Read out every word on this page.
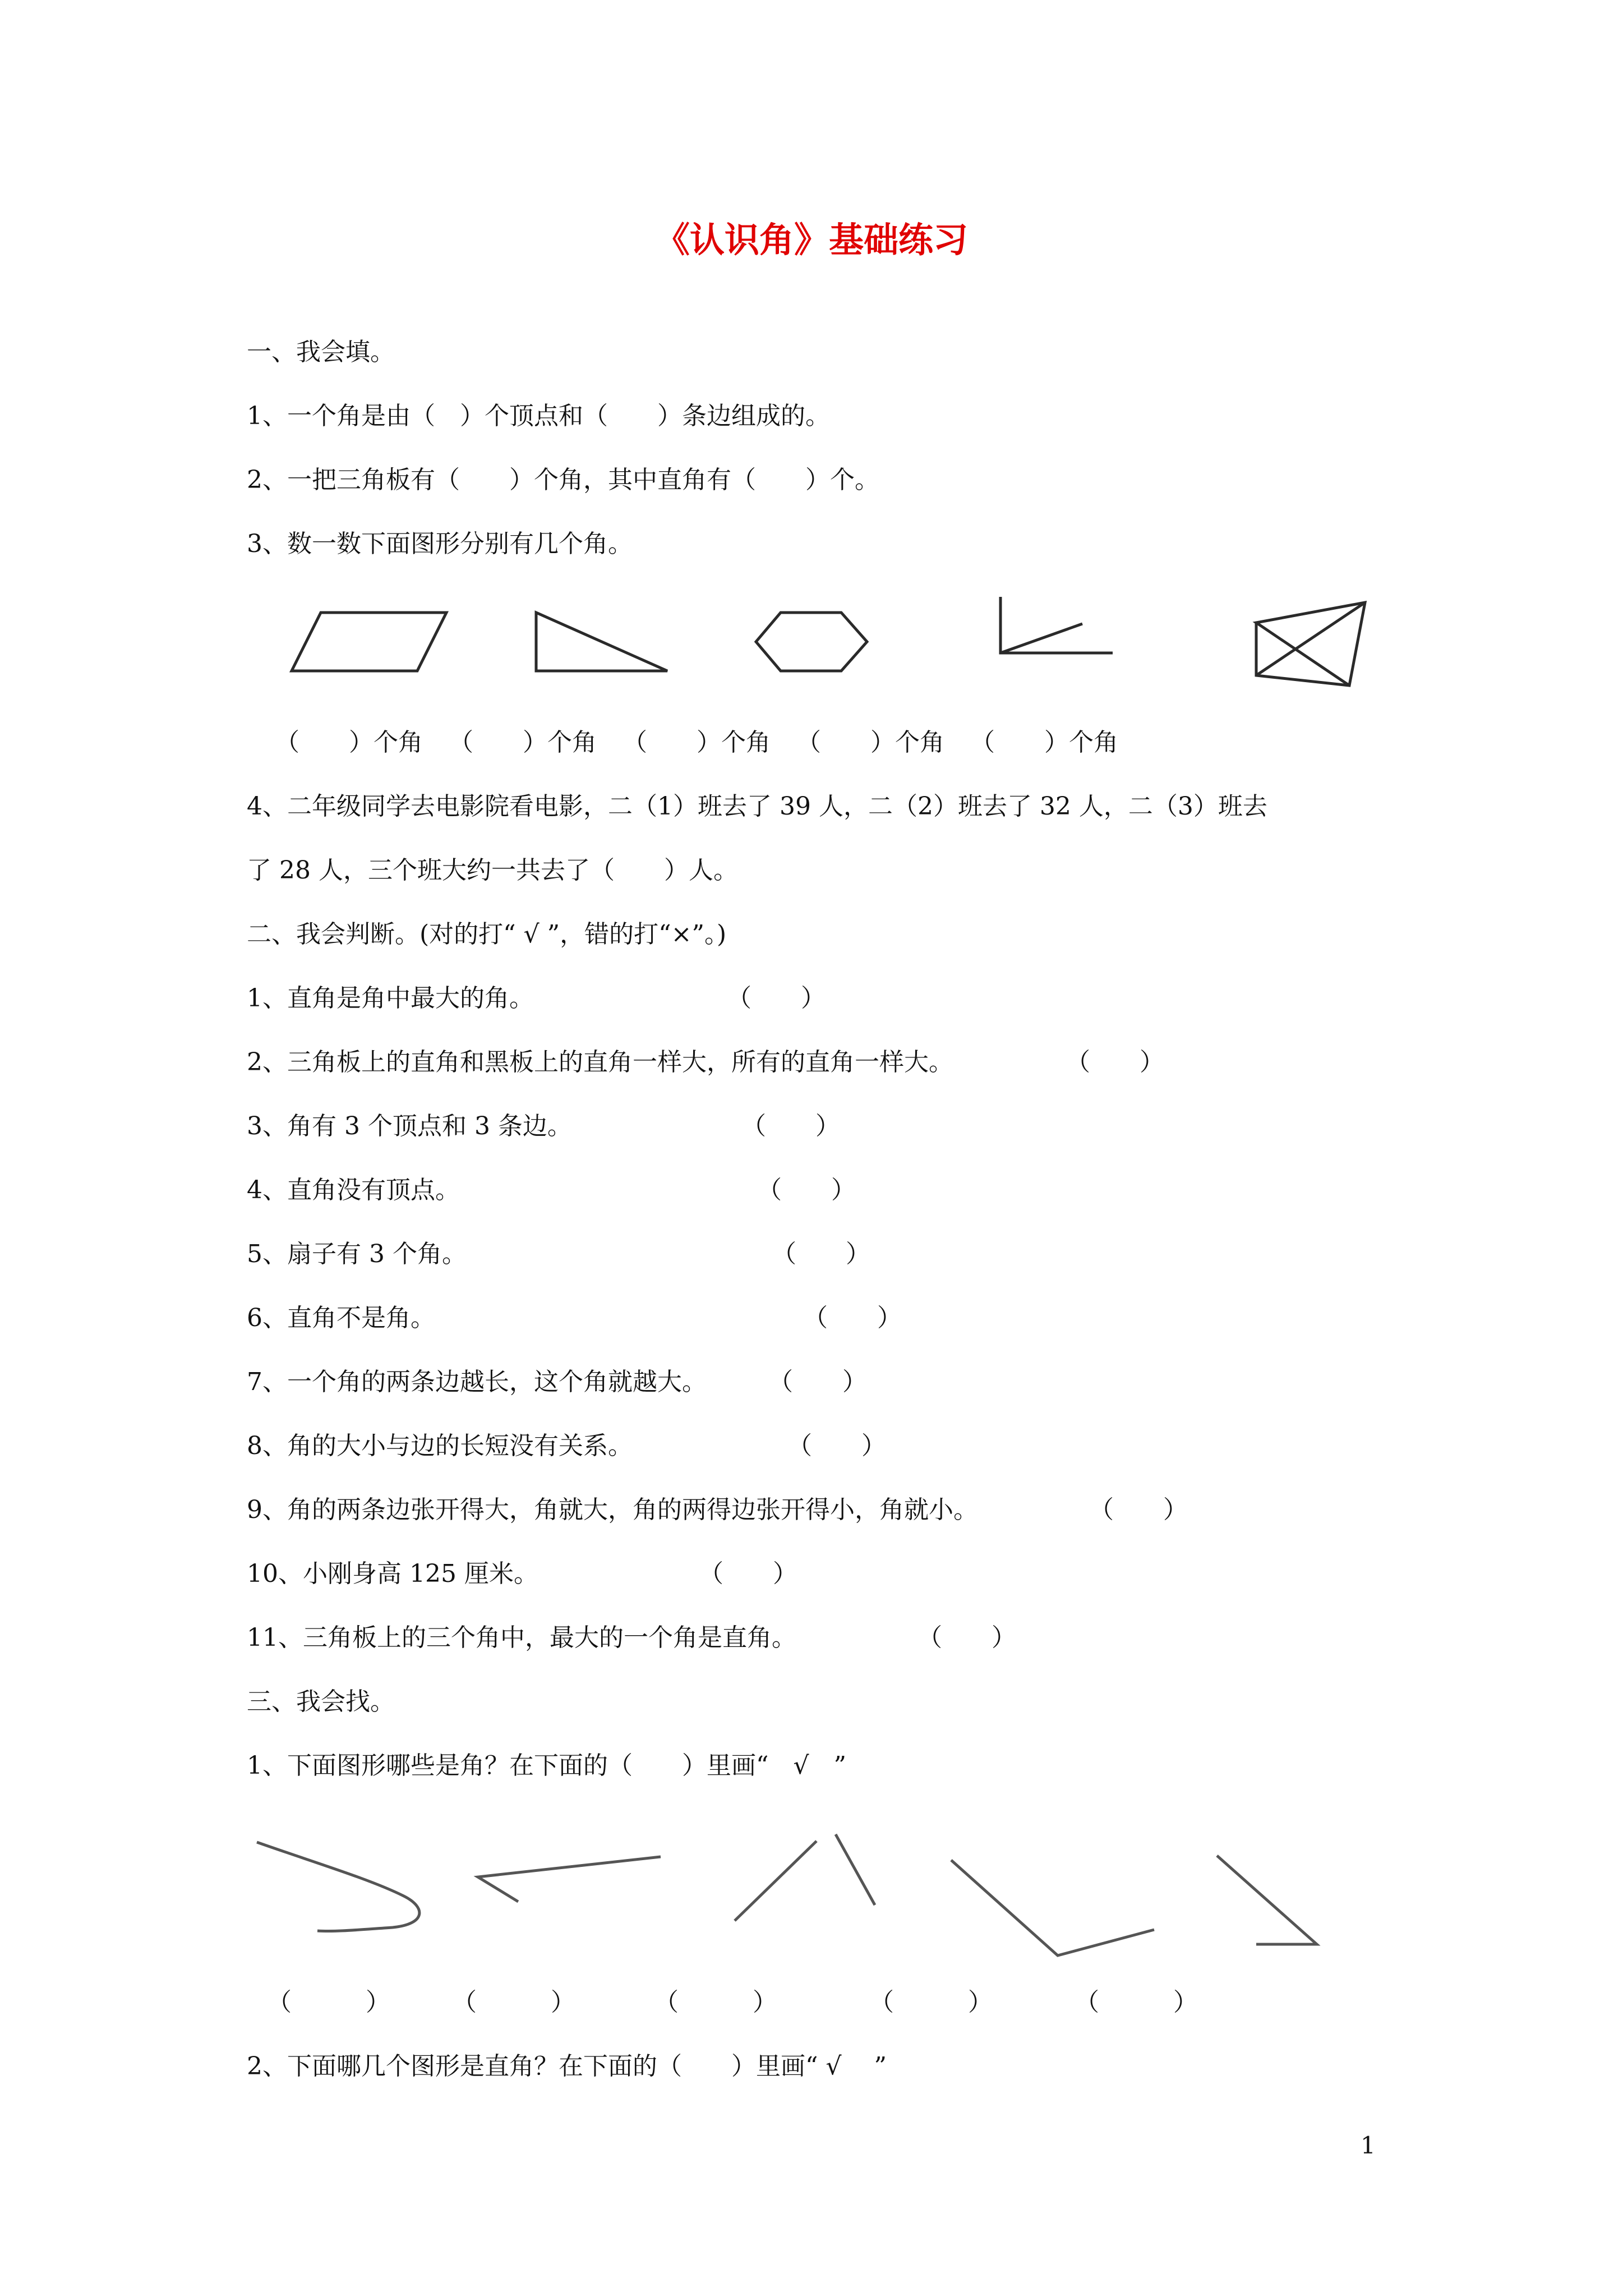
《认识角》基础练习
一、我会填。
1、一个角是由（　）个顶点和（　　）条边组成的。
2、一把三角板有（　　）个角，其中直角有（　　）个。
3、数一数下面图形分别有几个角。
（　　）个角 （　　）个角 （　　）个角 （　　）个角 （　　）个角
4、二年级同学去电影院看电影，二（1）班去了 39 人，二（2）班去了 32 人，二（3）班去
了 28 人，三个班大约一共去了（　　）人。
二、我会判断。(对的打“ √ ”，错的打“×”。)
1、直角是角中最大的角。	（　　）
2、三角板上的直角和黑板上的直角一样大，所有的直角一样大。	（　　）
3、角有 3 个顶点和 3 条边。	（　　）
4、直角没有顶点。	（　　）
5、扇子有 3 个角。	（　　）
6、直角不是角。	（　　）
7、一个角的两条边越长，这个角就越大。	（　　）
8、角的大小与边的长短没有关系。	（　　）
9、角的两条边张开得大，角就大，角的两得边张开得小，角就小。	（　　）
10、小刚身高 125 厘米。	（　　）
11、三角板上的三个角中，最大的一个角是直角。	（　　）
三、我会找。
1、下面图形哪些是角？在下面的（　　）里画“　√　”
（　　　）	（　　　）	（　　　）	（　　　）	（　　　）
2、下面哪几个图形是直角？在下面的（　　）里画“ √　 ”
1
